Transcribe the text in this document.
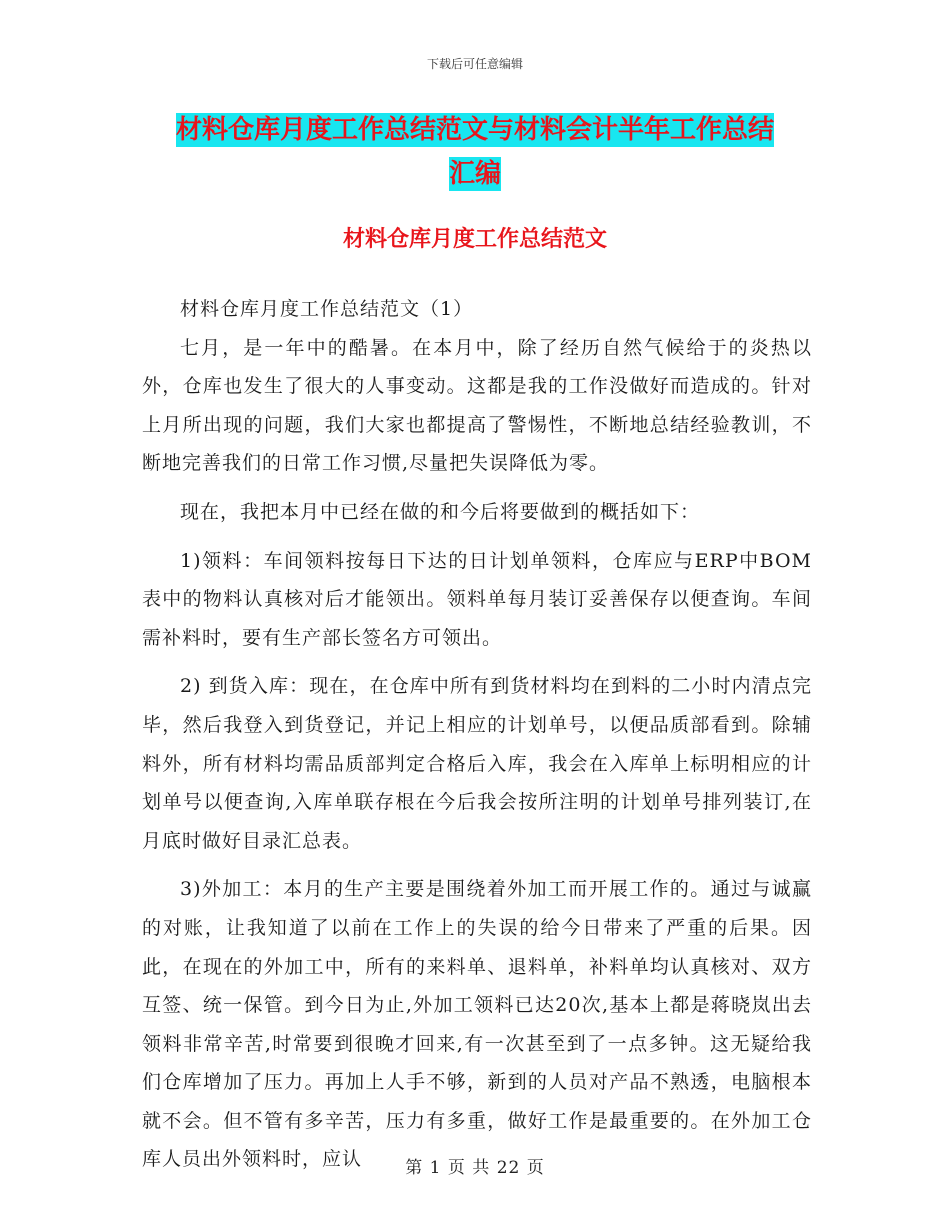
下载后可任意编辑
材料仓库月度工作总结范文与材料会计半年工作总结
汇编
材料仓库月度工作总结范文

材料仓库月度工作总结范文（1）

七月，是一年中的酷暑。在本月中，除了经历自然气候给于的炎热以外，仓库也发生了很大的人事变动。这都是我的工作没做好而造成的。针对上月所出现的问题，我们大家也都提高了警惕性，不断地总结经验教训，不断地完善我们的日常工作习惯,尽量把失误降低为零。

现在，我把本月中已经在做的和今后将要做到的概括如下：

1)领料：车间领料按每日下达的日计划单领料，仓库应与ERP中BOM表中的物料认真核对后才能领出。领料单每月装订妥善保存以便查询。车间需补料时，要有生产部长签名方可领出。

2) 到货入库：现在，在仓库中所有到货材料均在到料的二小时内清点完毕，然后我登入到货登记，并记上相应的计划单号，以便品质部看到。除辅料外，所有材料均需品质部判定合格后入库，我会在入库单上标明相应的计划单号以便查询,入库单联存根在今后我会按所注明的计划单号排列装订,在月底时做好目录汇总表。

3)外加工：本月的生产主要是围绕着外加工而开展工作的。通过与诚赢的对账，让我知道了以前在工作上的失误的给今日带来了严重的后果。因此，在现在的外加工中，所有的来料单、退料单，补料单均认真核对、双方互签、统一保管。到今日为止,外加工领料已达20次,基本上都是蒋晓岚出去领料非常辛苦,时常要到很晚才回来,有一次甚至到了一点多钟。这无疑给我们仓库增加了压力。再加上人手不够，新到的人员对产品不熟透，电脑根本就不会。但不管有多辛苦，压力有多重，做好工作是最重要的。在外加工仓库人员出外领料时，应认	第 1 页 共 22 页
